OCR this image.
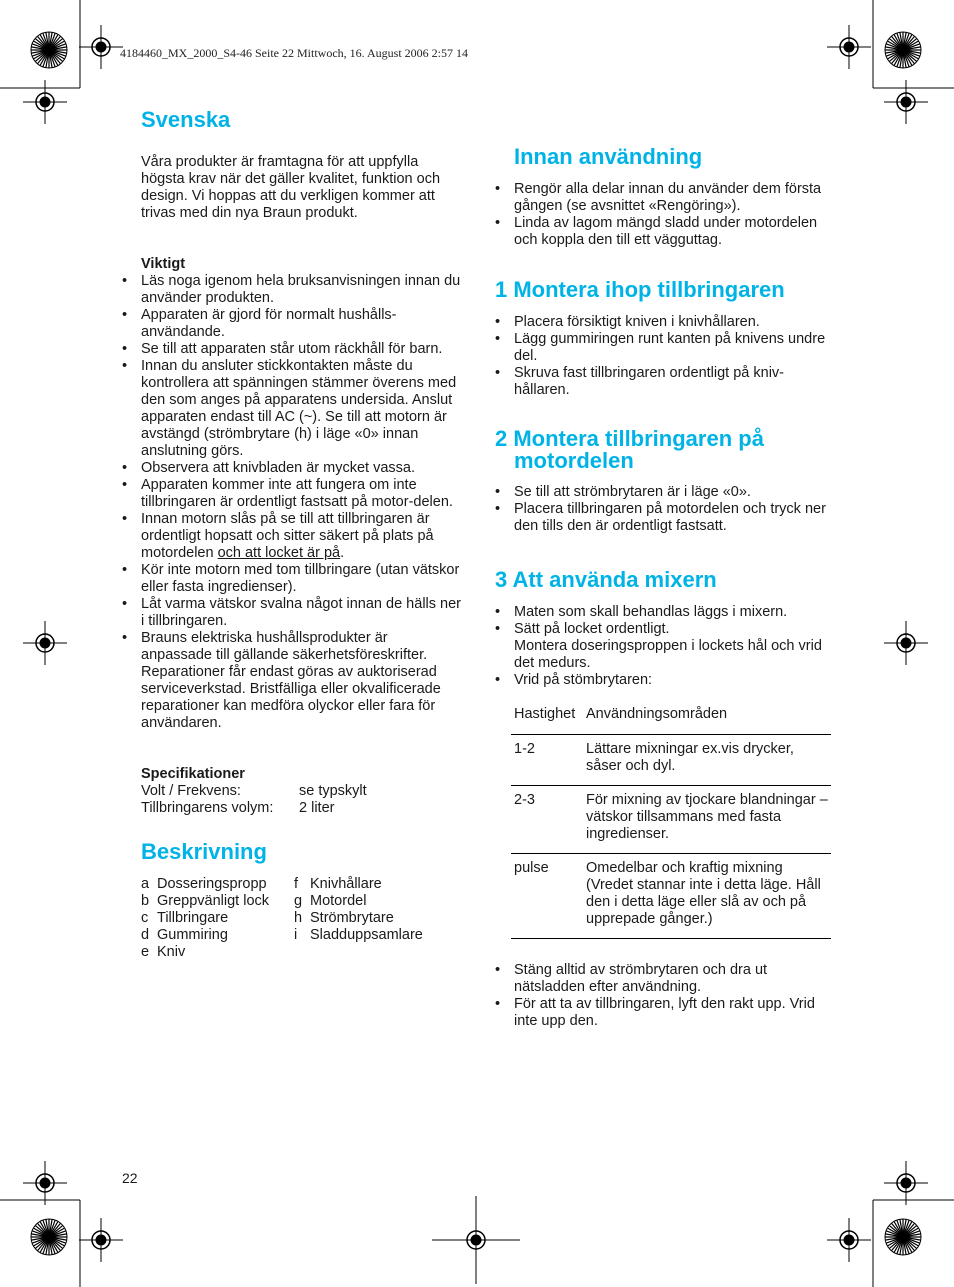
4184460_MX_2000_S4-46 Seite 22 Mittwoch, 16. August 2006 2:57 14
Svenska

Våra produkter är framtagna för att uppfylla högsta krav när det gäller kvalitet, funktion och design. Vi hoppas att du verkligen kommer att trivas med din nya Braun produkt.

Viktigt
• Läs noga igenom hela bruksanvisningen innan du använder produkten.
• Apparaten är gjord för normalt hushålls-användande.
• Se till att apparaten står utom räckhåll för barn.
• Innan du ansluter stickkontakten måste du kontrollera att spänningen stämmer överens med den som anges på apparatens undersida. Anslut apparaten endast till AC (~). Se till att motorn är avstängd (strömbrytare (h) i läge «0» innan anslutning görs.
• Observera att knivbladen är mycket vassa.
• Apparaten kommer inte att fungera om inte tillbringaren är ordentligt fastsatt på motor-delen.
• Innan motorn slås på se till att tillbringaren är ordentligt hopsatt och sitter säkert på plats på motordelen och att locket är på.
• Kör inte motorn med tom tillbringare (utan vätskor eller fasta ingredienser).
• Låt varma vätskor svalna något innan de hälls ner i tillbringaren.
• Brauns elektriska hushållsprodukter är anpassade till gällande säkerhetsföreskrifter. Reparationer får endast göras av auktoriserad serviceverkstad. Bristfälliga eller okvalificerade reparationer kan medföra olyckor eller fara för användaren.
Specifikationer
Volt / Frekvens:	se typskylt
Tillbringarens volym:	2 liter
Beskrivning
a Dosseringspropp
b Greppvänligt lock
c Tillbringare
d Gummiring
e Kniv
f Knivhållare
g Motordel
h Strömbrytare
i Sladduppsamlare
Innan användning
• Rengör alla delar innan du använder dem första gången (se avsnittet «Rengöring»).
• Linda av lagom mängd sladd under motordelen och koppla den till ett vägguttag.
1 Montera ihop tillbringaren
• Placera försiktigt kniven i knivhållaren.
• Lägg gummiringen runt kanten på knivens undre del.
• Skruva fast tillbringaren ordentligt på kniv-hållaren.
2 Montera tillbringaren på
motordelen
• Se till att strömbrytaren är i läge «0».
• Placera tillbringaren på motordelen och tryck ner den tills den är ordentligt fastsatt.
3 Att använda mixern
• Maten som skall behandlas läggs i mixern.
• Sätt på locket ordentligt.
Montera doseringsproppen i lockets hål och vrid det medurs.
• Vrid på stömbrytaren:
Hastighet	Användningsområden
1-2	Lättare mixningar ex.vis drycker, såser och dyl.
2-3	För mixning av tjockare blandningar – vätskor tillsammans med fasta ingredienser.
pulse	Omedelbar och kraftig mixning (Vredet stannar inte i detta läge. Håll den i detta läge eller slå av och på upprepade gånger.)
• Stäng alltid av strömbrytaren och dra ut nätsladden efter användning.
• För att ta av tillbringaren, lyft den rakt upp. Vrid inte upp den.
22
